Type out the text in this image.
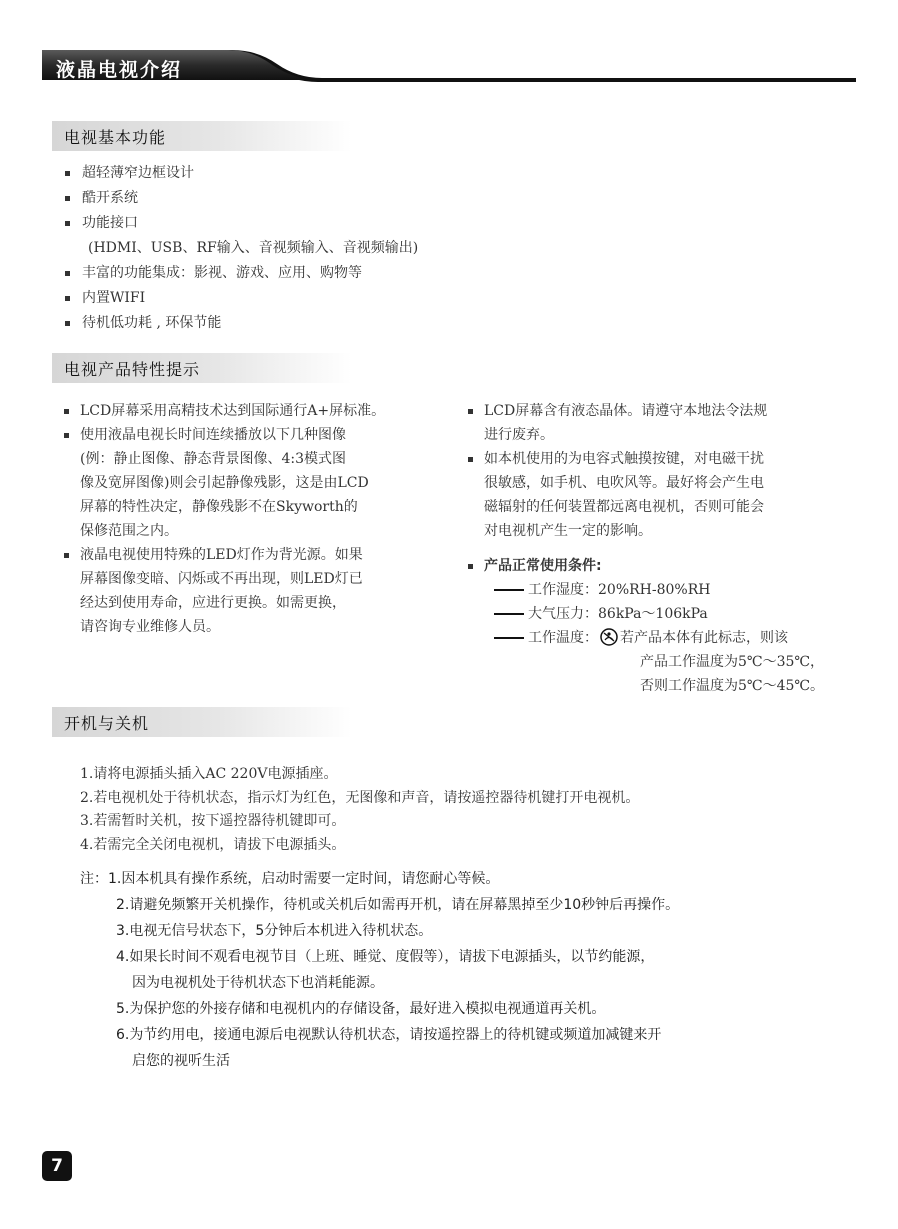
液晶电视介绍
电视基本功能
超轻薄窄边框设计
酷开系统
功能接口
(HDMI、USB、RF输入、音视频输入、音视频输出)
丰富的功能集成：影视、游戏、应用、购物等
内置WIFI
待机低功耗 , 环保节能
电视产品特性提示
LCD屏幕采用高精技术达到国际通行A+屏标准。
使用液晶电视长时间连续播放以下几种图像
(例：静止图像、静态背景图像、4:3模式图
像及宽屏图像)则会引起静像残影，这是由LCD
屏幕的特性决定，静像残影不在Skyworth的
保修范围之内。
液晶电视使用特殊的LED灯作为背光源。如果
屏幕图像变暗、闪烁或不再出现，则LED灯已
经达到使用寿命，应进行更换。如需更换，
请咨询专业维修人员。
LCD屏幕含有液态晶体。请遵守本地法令法规
进行废弃。
如本机使用的为电容式触摸按键，对电磁干扰
很敏感，如手机、电吹风等。最好将会产生电
磁辐射的任何装置都远离电视机，否则可能会
对电视机产生一定的影响。
产品正常使用条件:
工作湿度：20%RH-80%RH
大气压力：86kPa～106kPa
工作温度： 若产品本体有此标志，则该
产品工作温度为5℃～35℃，
否则工作温度为5℃～45℃。
开机与关机
1.请将电源插头插入AC 220V电源插座。
2.若电视机处于待机状态，指示灯为红色，无图像和声音，请按遥控器待机键打开电视机。
3.若需暂时关机，按下遥控器待机键即可。
4.若需完全关闭电视机，请拔下电源插头。
注：1.因本机具有操作系统，启动时需要一定时间，请您耐心等候。
2.请避免频繁开关机操作，待机或关机后如需再开机，请在屏幕黑掉至少10秒钟后再操作。
3.电视无信号状态下，5分钟后本机进入待机状态。
4.如果长时间不观看电视节目（上班、睡觉、度假等），请拔下电源插头，以节约能源，
因为电视机处于待机状态下也消耗能源。
5.为保护您的外接存储和电视机内的存储设备，最好进入模拟电视通道再关机。
6.为节约用电，接通电源后电视默认待机状态，请按遥控器上的待机键或频道加减键来开
启您的视听生活
7
